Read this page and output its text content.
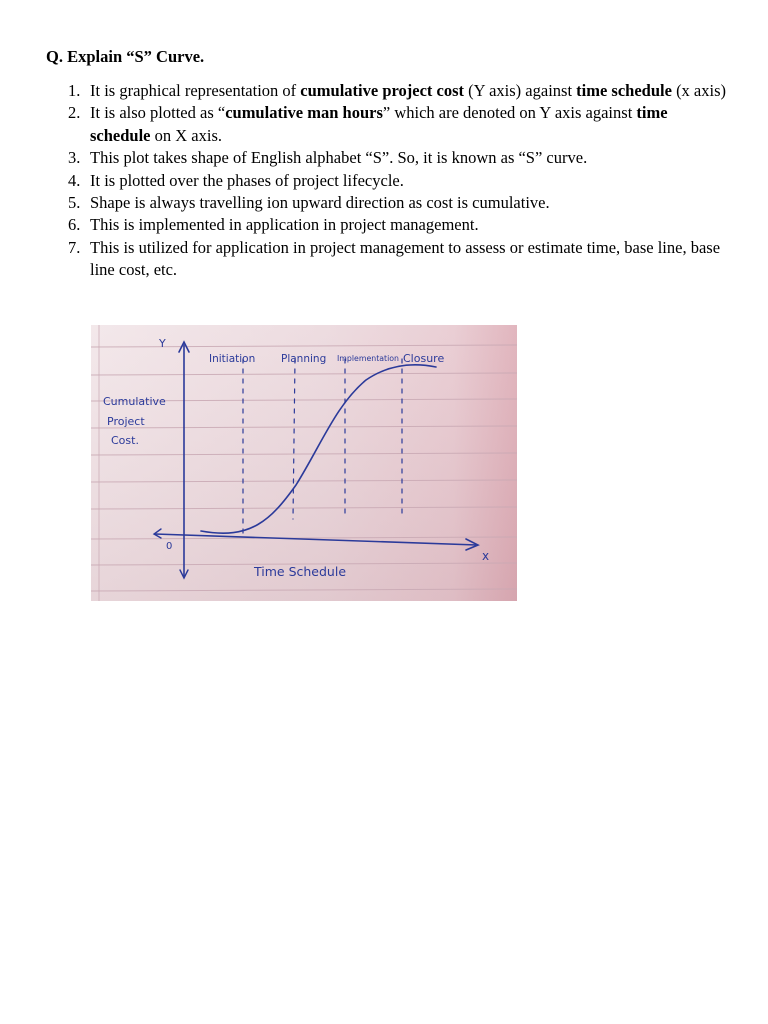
Q. Explain “S” Curve.

1. It is graphical representation of cumulative project cost (Y axis) against time schedule (x axis)
2. It is also plotted as “cumulative man hours” which are denoted on Y axis against time schedule on X axis.
3. This plot takes shape of English alphabet “S”. So, it is known as “S” curve.
4. It is plotted over the phases of project lifecycle.
5. Shape is always travelling ion upward direction as cost is cumulative.
6. This is implemented in application in project management.
7. This is utilized for application in project management to assess or estimate time, base line, base line cost, etc.
Y
x
0
Initiation Planning Implementation Closure
Cumulative
Project
Cost.
Time Schedule
